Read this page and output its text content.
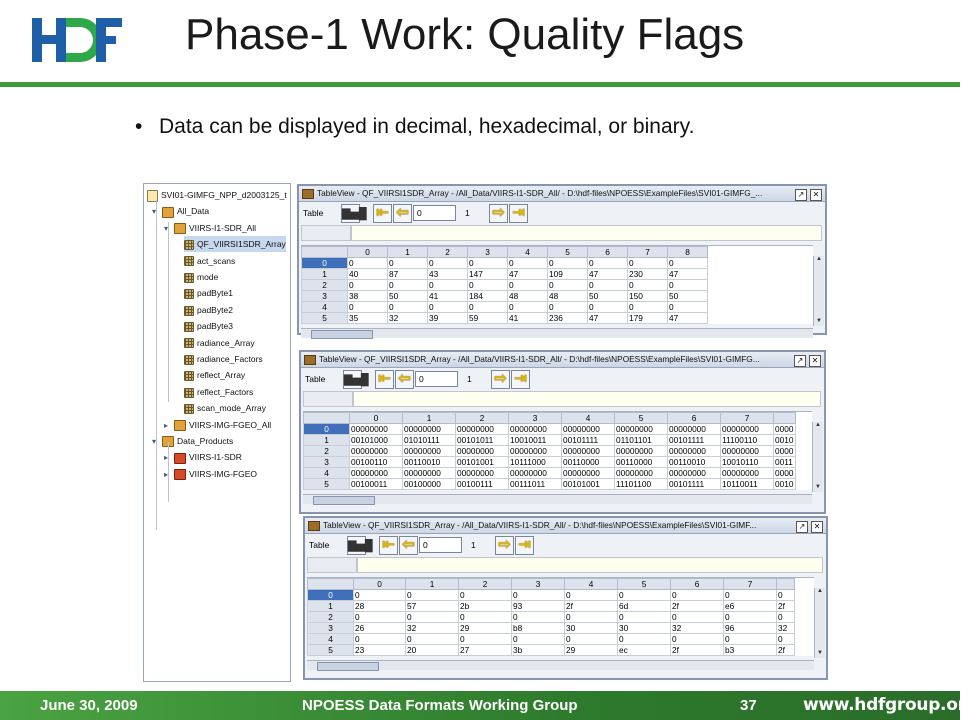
Phase-1 Work: Quality Flags
• Data can be displayed in decimal, hexadecimal, or binary.
SVI01-GIMFG_NPP_d2003125_t
▾ All_Data
▾ VIIRS-I1-SDR_All
QF_VIIRSI1SDR_Array
act_scans
mode
padByte1
padByte2
padByte3
radiance_Array
radiance_Factors
reflect_Array
reflect_Factors
scan_mode_Array
▸ VIIRS-IMG-FGEO_All
▾ Data_Products
▸ VIIRS-I1-SDR
▸ VIIRS-IMG-FGEO
TableView - QF_VIIRSI1SDR_Array - /All_Data/VIIRS-I1-SDR_All/ - D:\hdf-files\NPOESS\ExampleFiles\SVI01-GIMFG_...	↗ ✕
Table ▇▅█ ⇤ ⇦ 0	1 ⇨ ⇥
	0	1	2	3	4	5	6	7	8
0	0	0	0	0	0	0	0	0	0
1	40	87	43	147	47	109	47	230	47
2	0	0	0	0	0	0	0	0	0
3	38	50	41	184	48	48	50	150	50
4	0	0	0	0	0	0	0	0	0
5	35	32	39	59	41	236	47	179	47
▲
▼
TableView - QF_VIIRSI1SDR_Array - /All_Data/VIIRS-I1-SDR_All/ - D:\hdf-files\NPOESS\ExampleFiles\SVI01-GIMFG...	↗ ✕
Table ▇▅█ ⇤ ⇦ 0	1 ⇨ ⇥
	0	1	2	3	4	5	6	7	
0	00000000	00000000	00000000	00000000	00000000	00000000	00000000	00000000	0000
1	00101000	01010111	00101011	10010011	00101111	01101101	00101111	11100110	0010
2	00000000	00000000	00000000	00000000	00000000	00000000	00000000	00000000	0000
3	00100110	00110010	00101001	10111000	00110000	00110000	00110010	10010110	0011
4	00000000	00000000	00000000	00000000	00000000	00000000	00000000	00000000	0000
5	00100011	00100000	00100111	00111011	00101001	11101100	00101111	10110011	0010
▲
▼
TableView - QF_VIIRSI1SDR_Array - /All_Data/VIIRS-I1-SDR_All/ - D:\hdf-files\NPOESS\ExampleFiles\SVI01-GIMF...	↗ ✕
Table ▇▅█ ⇤ ⇦ 0	1 ⇨ ⇥
	0	1	2	3	4	5	6	7	
0	0	0	0	0	0	0	0	0	0
1	28	57	2b	93	2f	6d	2f	e6	2f
2	0	0	0	0	0	0	0	0	0
3	26	32	29	b8	30	30	32	96	32
4	0	0	0	0	0	0	0	0	0
5	23	20	27	3b	29	ec	2f	b3	2f
▲
▼
June 30, 2009	NPOESS Data Formats Working Group	37	www.hdfgroup.org
